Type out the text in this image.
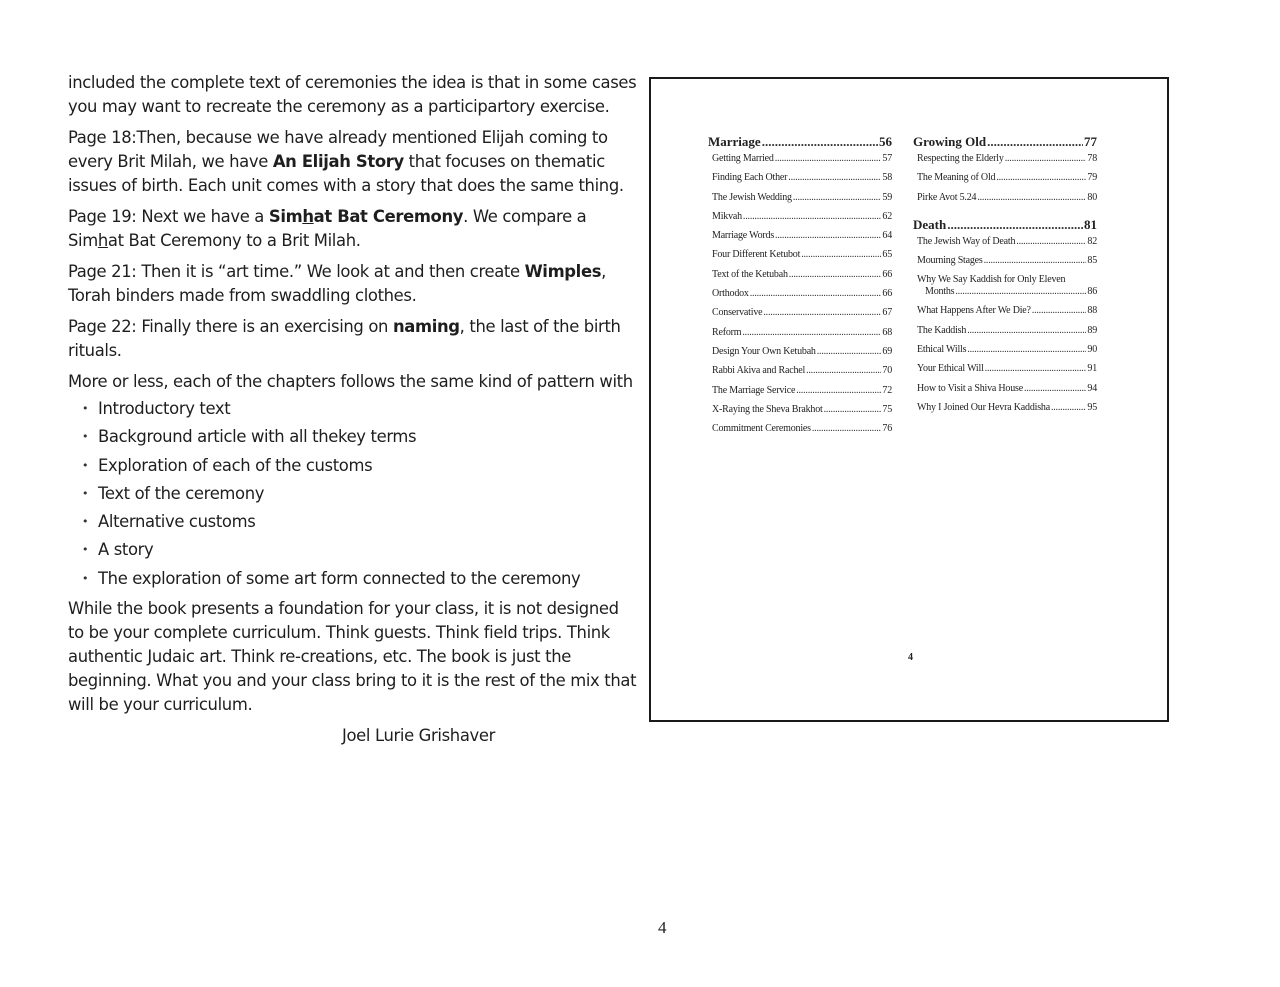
included the complete text of ceremonies the idea is that in some cases you may want to recreate the ceremony as a participartory exercise.

Page 18:Then, because we have already mentioned Elijah coming to every Brit Milah, we have An Elijah Story that focuses on thematic issues of birth. Each unit comes with a story that does the same thing.

Page 19: Next we have a Simhat Bat Ceremony. We compare a Simhat Bat Ceremony to a Brit Milah.

Page 21: Then it is “art time.” We look at and then create Wimples, Torah binders made from swaddling clothes.

Page 22: Finally there is an exercising on naming, the last of the birth rituals.

More or less, each of the chapters follows the same kind of pattern with

• Introductory text
• Background article with all thekey terms
• Exploration of each of the customs
• Text of the ceremony
• Alternative customs
• A story
• The exploration of some art form connected to the ceremony

While the book presents a foundation for your class, it is not designed to be your complete curriculum. Think guests. Think field trips. Think authentic Judaic art. Think re-creations, etc. The book is just the beginning. What you and your class bring to it is the rest of the mix that will be your curriculum.

Joel Lurie Grishaver

Marriage .....	56
Getting Married .....	57
Finding Each Other .....	58
The Jewish Wedding .....	59
Mikvah .....	62
Marriage Words .....	64
Four Different Ketubot .....	65
Text of the Ketubah .....	66
Orthodox .....	66
Conservative .....	67
Reform .....	68
Design Your Own Ketubah .....	69
Rabbi Akiva and Rachel .....	70
The Marriage Service .....	72
X-Raying the Sheva Brakhot .....	75
Commitment Ceremonies .....	76
Growing Old .....	77
Respecting the Elderly .....	78
The Meaning of Old .....	79
Pirke Avot 5.24 .....	80
Death .....	81
The Jewish Way of Death .....	82
Mourning Stages .....	85
Why We Say Kaddish for Only Eleven
Months .....	86
What Happens After We Die? .....	88
The Kaddish .....	89
Ethical Wills .....	90
Your Ethical Will .....	91
How to Visit a Shiva House .....	94
Why I Joined Our Hevra Kaddisha .....	95
4
4
